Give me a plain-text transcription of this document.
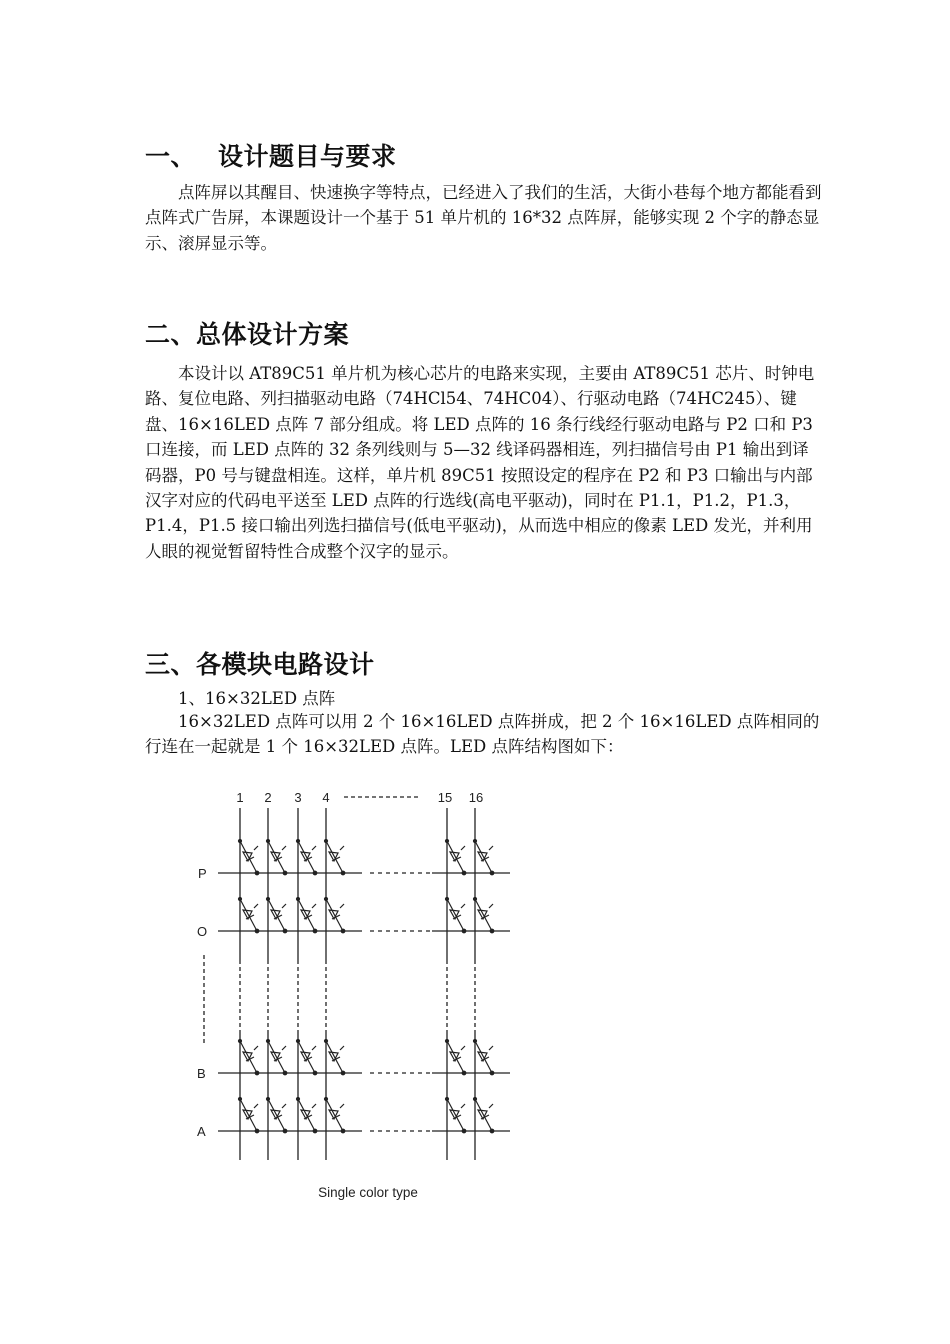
一、 设计题目与要求

点阵屏以其醒目、快速换字等特点，已经进入了我们的生活，大街小巷每个地方都能看到点阵式广告屏，本课题设计一个基于 51 单片机的 16*32 点阵屏，能够实现 2 个字的静态显示、滚屏显示等。

二、总体设计方案

本设计以 AT89C51 单片机为核心芯片的电路来实现，主要由 AT89C51 芯片、时钟电路、复位电路、列扫描驱动电路（74HCl54、74HC04）、行驱动电路（74HC245）、键盘、16×16LED 点阵 7 部分组成。将 LED 点阵的 16 条行线经行驱动电路与 P2 口和 P3 口连接，而 LED 点阵的 32 条列线则与 5—32 线译码器相连，列扫描信号由 P1 输出到译码器，P0 号与键盘相连。这样，单片机 89C51 按照设定的程序在 P2 和 P3 口输出与内部汉字对应的代码电平送至 LED 点阵的行选线(高电平驱动)，同时在 P1.1，P1.2，P1.3，P1.4，P1.5 接口输出列选扫描信号(低电平驱动)，从而选中相应的像素 LED 发光，并利用人眼的视觉暂留特性合成整个汉字的显示。

三、各模块电路设计

1、16×32LED 点阵

16×32LED 点阵可以用 2 个 16×16LED 点阵拼成，把 2 个 16×16LED 点阵相同的行连在一起就是 1 个 16×32LED 点阵。LED 点阵结构图如下：

1 2 3 4	15 16
P
O
B
A
Single color type
